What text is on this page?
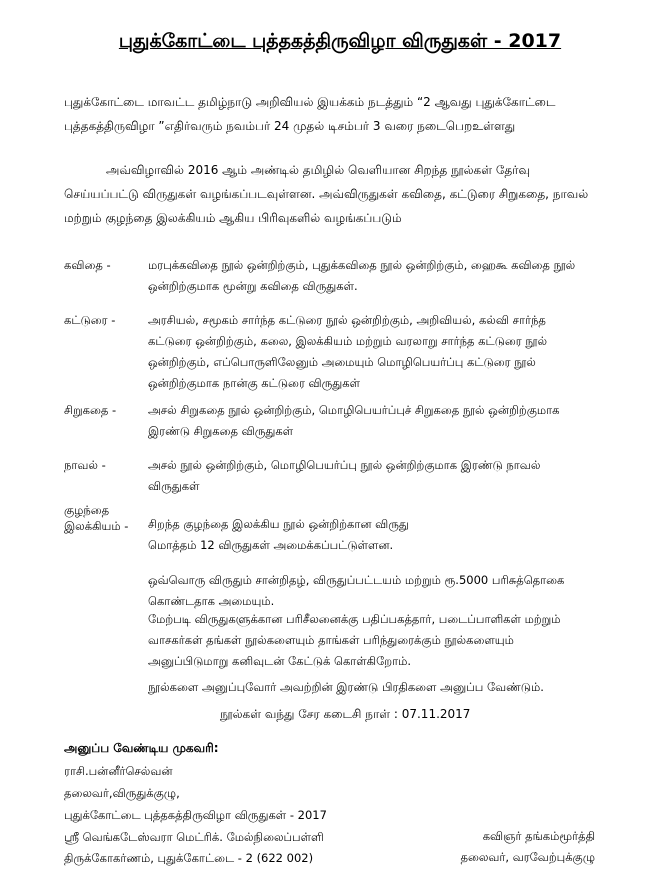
புதுக்கோட்டை புத்தகத்திருவிழா விருதுகள் - 2017
புதுக்கோட்டை மாவட்ட தமிழ்நாடு அறிவியல் இயக்கம் நடத்தும் “2 ஆவது புதுக்கோட்டை புத்தகத்திருவிழா ”எதிர்வரும் நவம்பர் 24 முதல் டிசம்பர் 3 வரை நடைபெறஉள்ளது
அவ்விழாவில் 2016 ஆம் அண்டில் தமிழில் வெளியான சிறந்த நூல்கள் தேர்வு செய்யப்பட்டு விருதுகள் வழங்கப்படவுள்ளன. அவ்விருதுகள் கவிதை, கட்டுரை சிறுகதை, நாவல் மற்றும் குழந்தை இலக்கியம் ஆகிய பிரிவுகளில் வழங்கப்படும்
கவிதை -	மரபுக்கவிதை நூல் ஒன்றிற்கும், புதுக்கவிதை நூல் ஒன்றிற்கும், ஹைகூ கவிதை நூல் ஒன்றிற்குமாக மூன்று கவிதை விருதுகள்.
கட்டுரை -	அரசியல், சமூகம் சார்ந்த கட்டுரை நூல் ஒன்றிற்கும், அறிவியல், கல்வி சார்ந்த கட்டுரை ஒன்றிற்கும், கலை, இலக்கியம் மற்றும் வரலாறு சார்ந்த கட்டுரை நூல் ஒன்றிற்கும், எப்பொருளிலேனும் அமையும் மொழிபெயர்ப்பு கட்டுரை நூல் ஒன்றிற்குமாக நான்கு கட்டுரை விருதுகள்
சிறுகதை -	அசல் சிறுகதை நூல் ஒன்றிற்கும், மொழிபெயர்ப்புச் சிறுகதை நூல் ஒன்றிற்குமாக இரண்டு சிறுகதை விருதுகள்
நாவல் -	அசல் நூல் ஒன்றிற்கும், மொழிபெயர்ப்பு நூல் ஒன்றிற்குமாக இரண்டு நாவல் விருதுகள்
குழந்தை
இலக்கியம் - சிறந்த குழந்தை இலக்கிய நூல் ஒன்றிற்கான விருது
மொத்தம் 12 விருதுகள் அமைக்கப்பட்டுள்ளன.
ஒவ்வொரு விருதும் சான்றிதழ், விருதுப்பட்டயம் மற்றும் ரூ.5000 பரிசுத்தொகை கொண்டதாக அமையும்.
மேற்படி விருதுகளுக்கான பரிசீலனைக்கு பதிப்பகத்தார், படைப்பாளிகள் மற்றும் வாசகர்கள் தங்கள் நூல்களையும் தாங்கள் பரிந்துரைக்கும் நூல்களையும் அனுப்பிடுமாறு கனிவுடன் கேட்டுக் கொள்கிறோம்.
நூல்களை அனுப்புவோர் அவற்றின் இரண்டு பிரதிகளை அனுப்ப வேண்டும்.
நூல்கள் வந்து சேர கடைசி நாள் : 07.11.2017
அனுப்ப வேண்டிய முகவரி:
ராசி.பன்னீர்செல்வன்
தலைவர்,விருதுக்குழு,
புதுக்கோட்டை புத்தகத்திருவிழா விருதுகள் - 2017
ஸ்ரீ வெங்கடேஸ்வரா மெட்ரிக். மேல்நிலைப்பள்ளி
திருக்கோகர்ணம், புதுக்கோட்டை - 2 (622 002)
கவிஞர் தங்கம்மூர்த்தி
தலைவர், வரவேற்புக்குழு
